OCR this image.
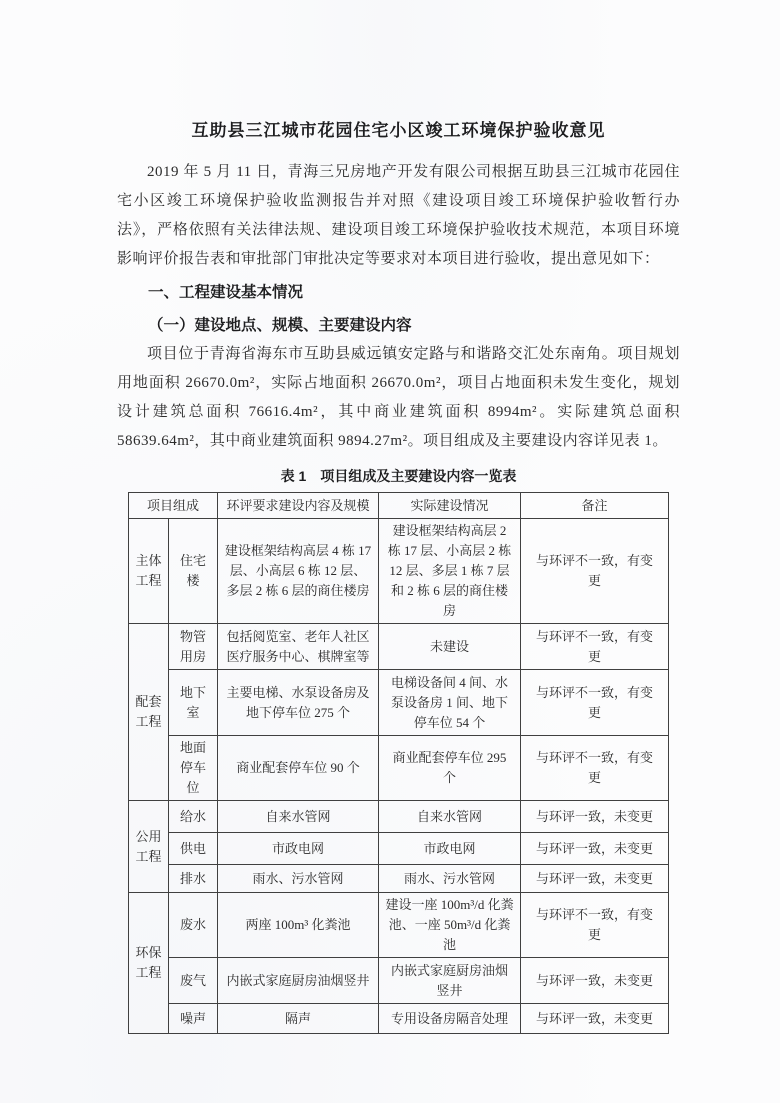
互助县三江城市花园住宅小区竣工环境保护验收意见

2019 年 5 月 11 日，青海三兄房地产开发有限公司根据互助县三江城市花园住宅小区竣工环境保护验收监测报告并对照《建设项目竣工环境保护验收暂行办法》，严格依照有关法律法规、建设项目竣工环境保护验收技术规范，本项目环境影响评价报告表和审批部门审批决定等要求对本项目进行验收，提出意见如下：

一、工程建设基本情况
（一）建设地点、规模、主要建设内容

项目位于青海省海东市互助县威远镇安定路与和谐路交汇处东南角。项目规划用地面积 26670.0m²，实际占地面积 26670.0m²，项目占地面积未发生变化，规划设计建筑总面积 76616.4m²，其中商业建筑面积 8994m²。实际建筑总面积 58639.64m²，其中商业建筑面积 9894.27m²。项目组成及主要建设内容详见表 1。

表 1　项目组成及主要建设内容一览表
项目组成		环评要求建设内容及规模	实际建设情况	备注
主体工程	住宅楼	建设框架结构高层 4 栋 17 层、小高层 6 栋 12 层、多层 2 栋 6 层的商住楼房	建设框架结构高层 2 栋 17 层、小高层 2 栋 12 层、多层 1 栋 7 层和 2 栋 6 层的商住楼房	与环评不一致，有变更
配套工程	物管用房	包括阅览室、老年人社区医疗服务中心、棋牌室等	未建设	与环评不一致，有变更
	地下室	主要电梯、水泵设备房及地下停车位 275 个	电梯设备间 4 间、水泵设备房 1 间、地下停车位 54 个	与环评不一致，有变更
	地面停车位	商业配套停车位 90 个	商业配套停车位 295 个	与环评不一致，有变更
公用工程	给水	自来水管网	自来水管网	与环评一致，未变更
	供电	市政电网	市政电网	与环评一致，未变更
	排水	雨水、污水管网	雨水、污水管网	与环评一致，未变更
环保工程	废水	两座 100m³ 化粪池	建设一座 100m³/d 化粪池、一座 50m³/d 化粪池	与环评不一致，有变更
	废气	内嵌式家庭厨房油烟竖井	内嵌式家庭厨房油烟竖井	与环评一致，未变更
	噪声	隔声	专用设备房隔音处理	与环评一致，未变更
